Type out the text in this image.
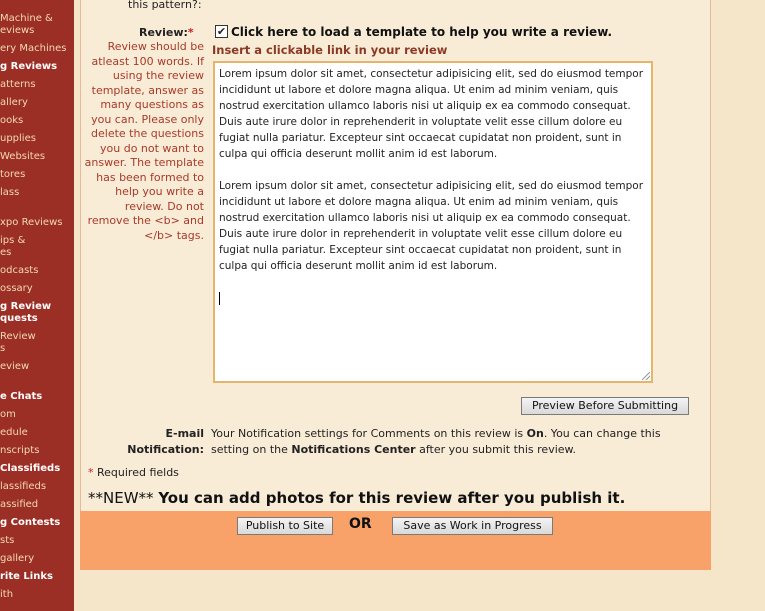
Machine &
eviews
ery Machines
g Reviews
atterns
allery
ooks
upplies
Websites
tores
lass
xpo Reviews
ips &
es
odcasts
ossary
g Review
quests
Review
s
eview
e Chats
om
edule
nscripts
Classifieds
lassifieds
assified
g Contests
sts
gallery
rite Links
ith
this pattern?:
Review:*
Review should be atleast 100 words. If using the review template, answer as many questions as you can. Please only delete the questions you do not want to answer. The template has been formed to help you write a review. Do not remove the <b> and </b> tags.
✔ Click here to load a template to help you write a review.
Insert a clickable link in your review

Lorem ipsum dolor sit amet, consectetur adipisicing elit, sed do eiusmod tempor incididunt ut labore et dolore magna aliqua. Ut enim ad minim veniam, quis nostrud exercitation ullamco laboris nisi ut aliquip ex ea commodo consequat. Duis aute irure dolor in reprehenderit in voluptate velit esse cillum dolore eu fugiat nulla pariatur. Excepteur sint occaecat cupidatat non proident, sunt in culpa qui officia deserunt mollit anim id est laborum.

Lorem ipsum dolor sit amet, consectetur adipisicing elit, sed do eiusmod tempor incididunt ut labore et dolore magna aliqua. Ut enim ad minim veniam, quis nostrud exercitation ullamco laboris nisi ut aliquip ex ea commodo consequat. Duis aute irure dolor in reprehenderit in voluptate velit esse cillum dolore eu fugiat nulla pariatur. Excepteur sint occaecat cupidatat non proident, sunt in culpa qui officia deserunt mollit anim id est laborum.

Preview Before Submitting
E-mail
Notification:
Your Notification settings for Comments on this review is On. You can change this setting on the Notifications Center after you submit this review.
* Required fields
**NEW** You can add photos for this review after you publish it.
Publish to Site	OR	Save as Work in Progress
